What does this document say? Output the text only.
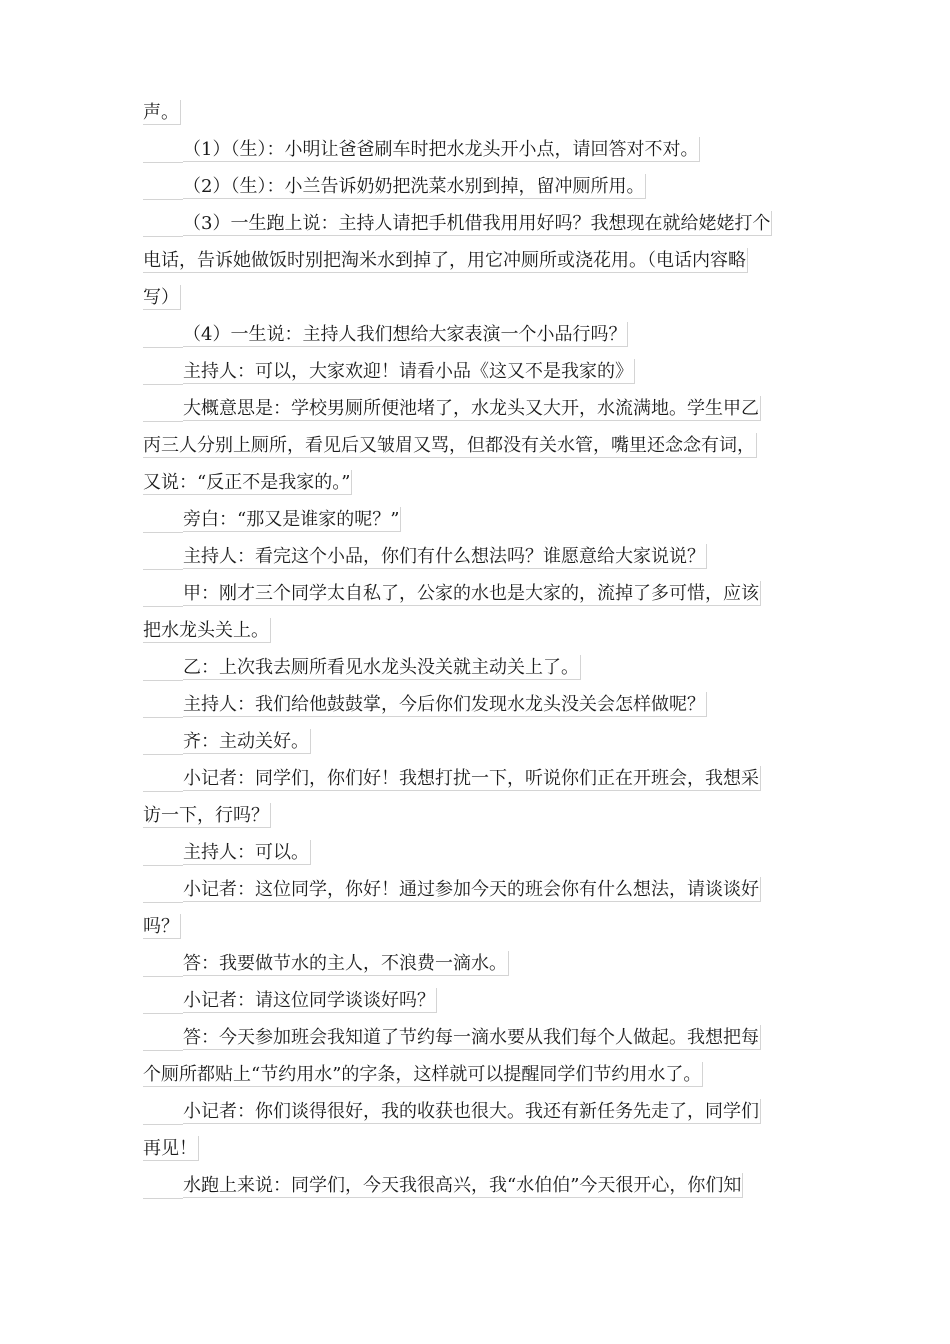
声。
（1）（生）：小明让爸爸刷车时把水龙头开小点，请回答对不对。
（2）（生）：小兰告诉奶奶把洗菜水别到掉，留冲厕所用。
（3）一生跑上说：主持人请把手机借我用用好吗？我想现在就给姥姥打个
电话，告诉她做饭时别把淘米水到掉了，用它冲厕所或浇花用。（电话内容略
写）
（4）一生说：主持人我们想给大家表演一个小品行吗？
主持人：可以，大家欢迎！请看小品《这又不是我家的》
大概意思是：学校男厕所便池堵了，水龙头又大开，水流满地。学生甲乙
丙三人分别上厕所，看见后又皱眉又骂，但都没有关水管，嘴里还念念有词，
又说：“反正不是我家的。”
旁白：“那又是谁家的呢？”
主持人：看完这个小品，你们有什么想法吗？谁愿意给大家说说？
甲：刚才三个同学太自私了，公家的水也是大家的，流掉了多可惜，应该
把水龙头关上。
乙：上次我去厕所看见水龙头没关就主动关上了。
主持人：我们给他鼓鼓掌，今后你们发现水龙头没关会怎样做呢？
齐：主动关好。
小记者：同学们，你们好！我想打扰一下，听说你们正在开班会，我想采
访一下，行吗？
主持人：可以。
小记者：这位同学，你好！通过参加今天的班会你有什么想法，请谈谈好
吗？
答：我要做节水的主人，不浪费一滴水。
小记者：请这位同学谈谈好吗？
答：今天参加班会我知道了节约每一滴水要从我们每个人做起。我想把每
个厕所都贴上“节约用水”的字条，这样就可以提醒同学们节约用水了。
小记者：你们谈得很好，我的收获也很大。我还有新任务先走了，同学们
再见！
水跑上来说：同学们，今天我很高兴，我“水伯伯”今天很开心，你们知
